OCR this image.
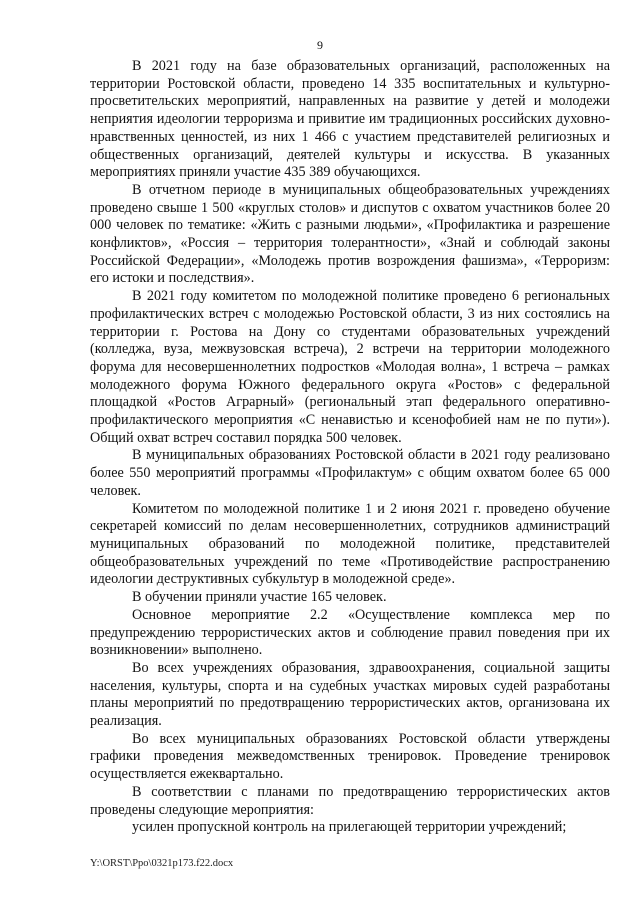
9

В 2021 году на базе образовательных организаций, расположенных на территории Ростовской области, проведено 14 335 воспитательных и культурно-просветительских мероприятий, направленных на развитие у детей и молодежи неприятия идеологии терроризма и привитие им традиционных российских духовно-нравственных ценностей, из них 1 466 с участием представителей религиозных и общественных организаций, деятелей культуры и искусства. В указанных мероприятиях приняли участие 435 389 обучающихся.

В отчетном периоде в муниципальных общеобразовательных учреждениях проведено свыше 1 500 «круглых столов» и диспутов с охватом участников более 20 000 человек по тематике: «Жить с разными людьми», «Профилактика и разрешение конфликтов», «Россия – территория толерантности», «Знай и соблюдай законы Российской Федерации», «Молодежь против возрождения фашизма», «Терроризм: его истоки и последствия».

В 2021 году комитетом по молодежной политике проведено 6 региональных профилактических встреч с молодежью Ростовской области, 3 из них состоялись на территории г. Ростова на Дону со студентами образовательных учреждений (колледжа, вуза, межвузовская встреча), 2 встречи на территории молодежного форума для несовершеннолетних подростков «Молодая волна», 1 встреча – рамках молодежного форума Южного федерального округа «Ростов» с федеральной площадкой «Ростов Аграрный» (региональный этап федерального оперативно-профилактического мероприятия «С ненавистью и ксенофобией нам не по пути»). Общий охват встреч составил порядка 500 человек.

В муниципальных образованиях Ростовской области в 2021 году реализовано более 550 мероприятий программы «Профилактум» с общим охватом более 65 000 человек.

Комитетом по молодежной политике 1 и 2 июня 2021 г. проведено обучение секретарей комиссий по делам несовершеннолетних, сотрудников администраций муниципальных образований по молодежной политике, представителей общеобразовательных учреждений по теме «Противодействие распространению идеологии деструктивных субкультур в молодежной среде».

В обучении приняли участие 165 человек.

Основное мероприятие 2.2 «Осуществление комплекса мер по предупреждению террористических актов и соблюдение правил поведения при их возникновении» выполнено.

Во всех учреждениях образования, здравоохранения, социальной защиты населения, культуры, спорта и на судебных участках мировых судей разработаны планы мероприятий по предотвращению террористических актов, организована их реализация.

Во всех муниципальных образованиях Ростовской области утверждены графики проведения межведомственных тренировок. Проведение тренировок осуществляется ежеквартально.

В соответствии с планами по предотвращению террористических актов проведены следующие мероприятия:

усилен пропускной контроль на прилегающей территории учреждений;

Y:\ORST\Ppo\0321p173.f22.docx
